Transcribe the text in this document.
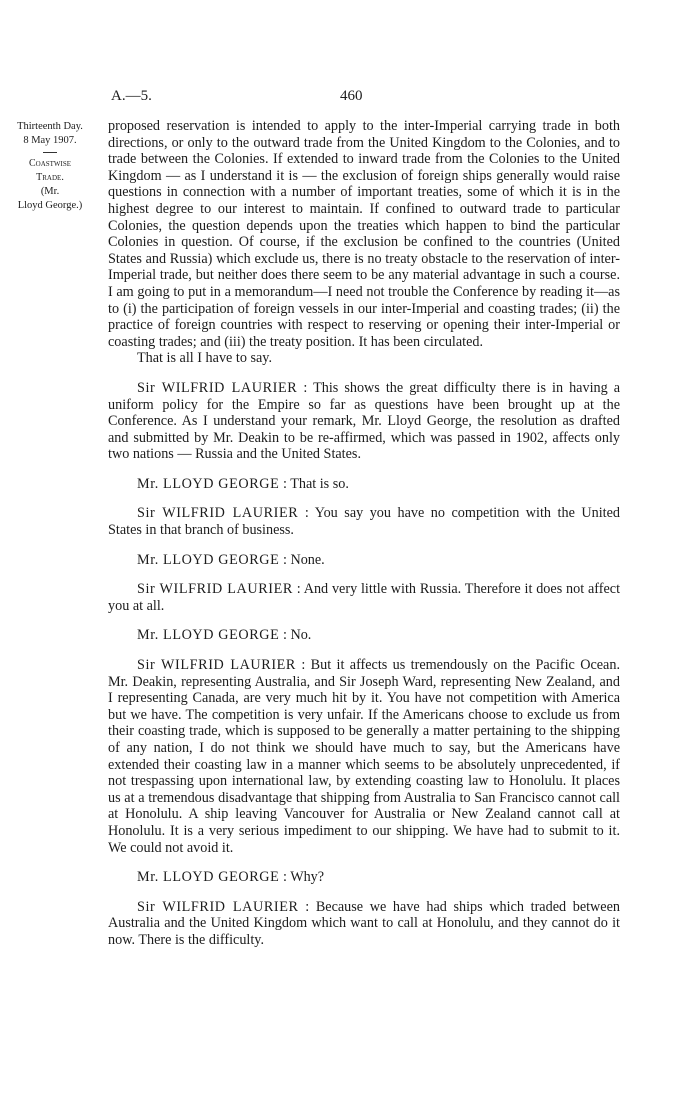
A.—5.	460
Thirteenth Day.
8 May 1907.
Coastwise
Trade.
(Mr.
Lloyd George.)

proposed reservation is intended to apply to the inter-Imperial carrying trade in both directions, or only to the outward trade from the United Kingdom to the Colonies, and to trade between the Colonies. If extended to inward trade from the Colonies to the United Kingdom — as I understand it is — the exclusion of foreign ships generally would raise questions in connection with a number of important treaties, some of which it is in the highest degree to our interest to maintain. If confined to outward trade to particular Colonies, the question depends upon the treaties which happen to bind the particular Colonies in question. Of course, if the exclusion be confined to the countries (United States and Russia) which exclude us, there is no treaty obstacle to the reservation of inter-Imperial trade, but neither does there seem to be any material advantage in such a course. I am going to put in a memorandum—I need not trouble the Conference by reading it—as to (i) the participation of foreign vessels in our inter-Imperial and coasting trades; (ii) the practice of foreign countries with respect to reserving or opening their inter-Imperial or coasting trades; and (iii) the treaty position. It has been circulated.

That is all I have to say.

Sir WILFRID LAURIER : This shows the great difficulty there is in having a uniform policy for the Empire so far as questions have been brought up at the Conference. As I understand your remark, Mr. Lloyd George, the resolution as drafted and submitted by Mr. Deakin to be re-affirmed, which was passed in 1902, affects only two nations — Russia and the United States.

Mr. LLOYD GEORGE : That is so.

Sir WILFRID LAURIER : You say you have no competition with the United States in that branch of business.

Mr. LLOYD GEORGE : None.

Sir WILFRID LAURIER : And very little with Russia. Therefore it does not affect you at all.

Mr. LLOYD GEORGE : No.

Sir WILFRID LAURIER : But it affects us tremendously on the Pacific Ocean. Mr. Deakin, representing Australia, and Sir Joseph Ward, representing New Zealand, and I representing Canada, are very much hit by it. You have not competition with America but we have. The competition is very unfair. If the Americans choose to exclude us from their coasting trade, which is supposed to be generally a matter pertaining to the shipping of any nation, I do not think we should have much to say, but the Americans have extended their coasting law in a manner which seems to be absolutely unprecedented, if not trespassing upon international law, by extending coasting law to Honolulu. It places us at a tremendous disadvantage that shipping from Australia to San Francisco cannot call at Honolulu. A ship leaving Vancouver for Australia or New Zealand cannot call at Honolulu. It is a very serious impediment to our shipping. We have had to submit to it. We could not avoid it.

Mr. LLOYD GEORGE : Why?

Sir WILFRID LAURIER : Because we have had ships which traded between Australia and the United Kingdom which want to call at Honolulu, and they cannot do it now. There is the difficulty.
